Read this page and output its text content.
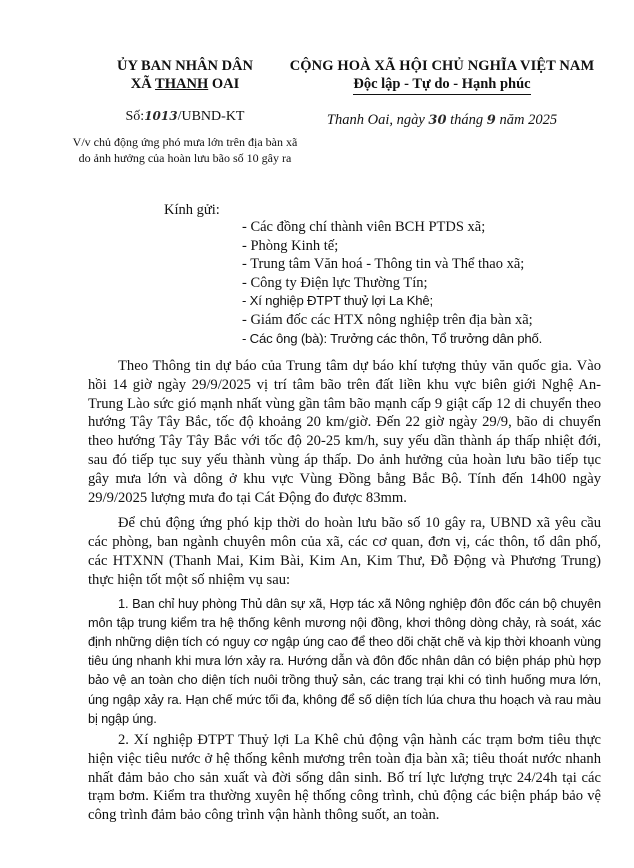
ỦY BAN NHÂN DÂN
XÃ THANH OAI
Số:1013/UBND-KT
V/v chủ động ứng phó mưa lớn trên địa bàn xã do ảnh hưởng của hoàn lưu bão số 10 gây ra
CỘNG HOÀ XÃ HỘI CHỦ NGHĨA VIỆT NAM
Độc lập - Tự do - Hạnh phúc
Thanh Oai, ngày 30 tháng 9 năm 2025
Kính gửi:
- Các đồng chí thành viên BCH PTDS xã;
- Phòng Kinh tế;
- Trung tâm Văn hoá - Thông tin và Thể thao xã;
- Công ty Điện lực Thường Tín;
- Xí nghiệp ĐTPT thuỷ lợi La Khê;
- Giám đốc các HTX nông nghiệp trên địa bàn xã;
- Các ông (bà): Trưởng các thôn, Tổ trưởng dân phố.

Theo Thông tin dự báo của Trung tâm dự báo khí tượng thủy văn quốc gia. Vào hồi 14 giờ ngày 29/9/2025 vị trí tâm bão trên đất liền khu vực biên giới Nghệ An- Trung Lào sức gió mạnh nhất vùng gần tâm bão mạnh cấp 9 giật cấp 12 di chuyển theo hướng Tây Tây Bắc, tốc độ khoảng 20 km/giờ. Đến 22 giờ ngày 29/9, bão di chuyển theo hướng Tây Tây Bắc với tốc độ 20-25 km/h, suy yếu dần thành áp thấp nhiệt đới, sau đó tiếp tục suy yếu thành vùng áp thấp. Do ảnh hưởng của hoàn lưu bão tiếp tục gây mưa lớn và dông ở khu vực Vùng Đồng bằng Bắc Bộ. Tính đến 14h00 ngày 29/9/2025 lượng mưa đo tại Cát Động đo được 83mm.

Để chủ động ứng phó kịp thời do hoàn lưu bão số 10 gây ra, UBND xã yêu cầu các phòng, ban ngành chuyên môn của xã, các cơ quan, đơn vị, các thôn, tổ dân phố, các HTXNN (Thanh Mai, Kim Bài, Kim An, Kim Thư, Đỗ Động và Phương Trung) thực hiện tốt một số nhiệm vụ sau:

1. Ban chỉ huy phòng Thủ dân sự xã, Hợp tác xã Nông nghiệp đôn đốc cán bộ chuyên môn tập trung kiểm tra hệ thống kênh mương nội đồng, khơi thông dòng chảy, rà soát, xác định những diện tích có nguy cơ ngập úng cao để theo dõi chặt chẽ và kịp thời khoanh vùng tiêu úng nhanh khi mưa lớn xảy ra. Hướng dẫn và đôn đốc nhân dân có biện pháp phù hợp bảo vệ an toàn cho diện tích nuôi trồng thuỷ sản, các trang trại khi có tình huống mưa lớn, úng ngập xảy ra. Hạn chế mức tối đa, không để số diện tích lúa chưa thu hoạch và rau màu bị ngập úng.

2. Xí nghiệp ĐTPT Thuỷ lợi La Khê chủ động vận hành các trạm bơm tiêu thực hiện việc tiêu nước ở hệ thống kênh mương trên toàn địa bàn xã; tiêu thoát nước nhanh nhất đảm bảo cho sản xuất và đời sống dân sinh. Bố trí lực lượng trực 24/24h tại các trạm bơm. Kiểm tra thường xuyên hệ thống công trình, chủ động các biện pháp bảo vệ công trình đảm bảo công trình vận hành thông suốt, an toàn.
